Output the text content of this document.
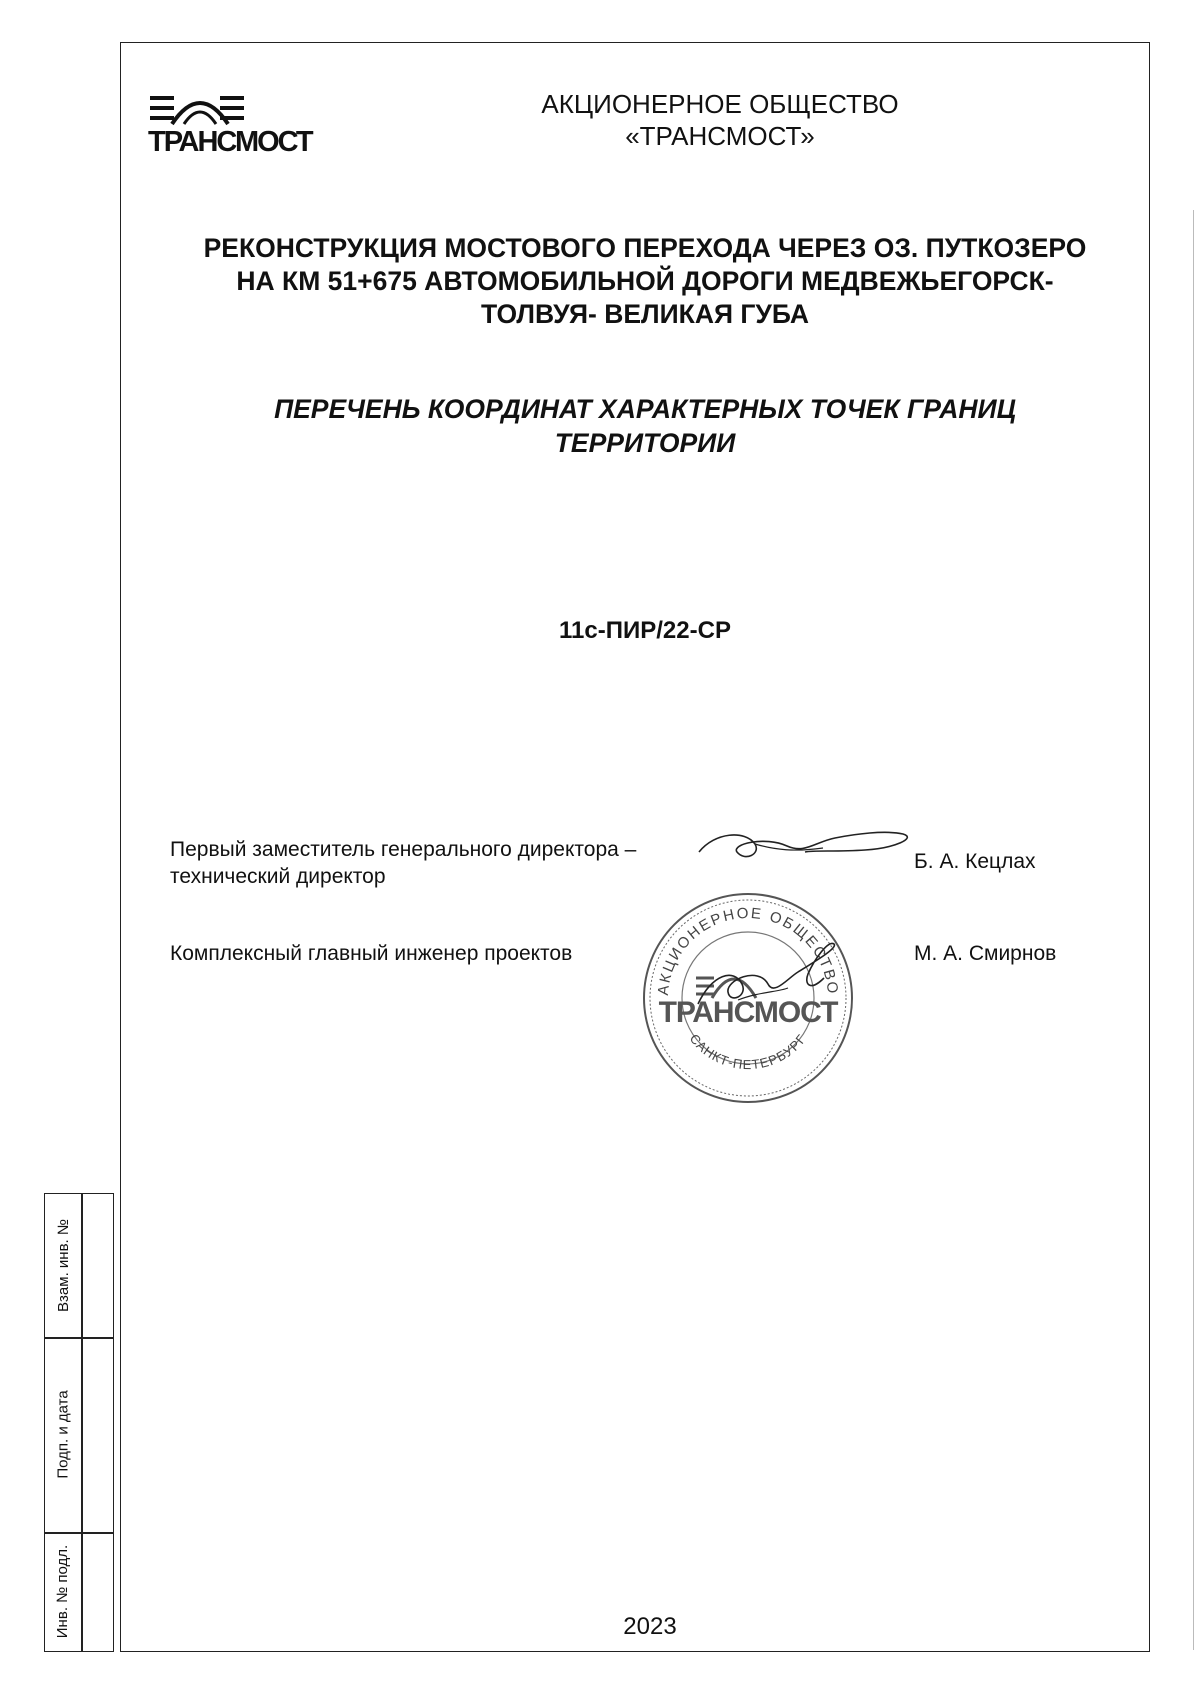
ТРАНСМОСТ
АКЦИОНЕРНОЕ ОБЩЕСТВО
«ТРАНСМОСТ»
РЕКОНСТРУКЦИЯ МОСТОВОГО ПЕРЕХОДА ЧЕРЕЗ ОЗ. ПУТКОЗЕРО
НА КМ 51+675 АВТОМОБИЛЬНОЙ ДОРОГИ МЕДВЕЖЬЕГОРСК-
ТОЛВУЯ- ВЕЛИКАЯ ГУБА
ПЕРЕЧЕНЬ КООРДИНАТ ХАРАКТЕРНЫХ ТОЧЕК ГРАНИЦ
ТЕРРИТОРИИ
11с-ПИР/22-СР
Первый заместитель генерального директора –
технический директор
Б. А. Кецлах
Комплексный главный инженер проектов	М. А. Смирнов
АКЦИОНЕРНОЕ ОБЩЕСТВО
САНКТ-ПЕТЕРБУРГ
ТРАНСМОСТ
2023
Взам. инв. №
Подп. и дата
Инв. № подл.
